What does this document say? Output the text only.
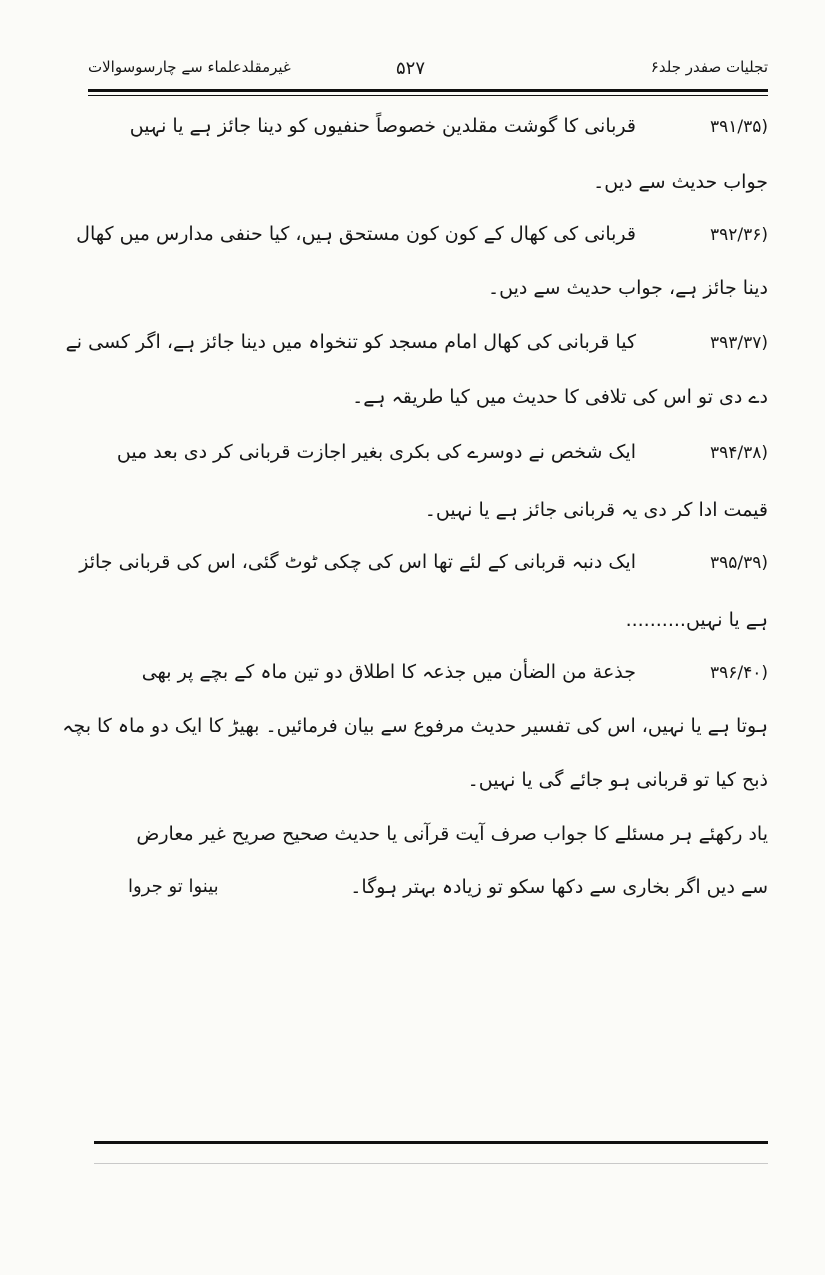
تجلیات صفدر جلد۶
۵۲۷
غیرمقلدعلماء سے چارسوسوالات
(۳۹۱/۳۵قربانی کا گوشت مقلدین خصوصاً حنفیوں کو دینا جائز ہے یا نہیں
جواب حدیث سے دیں۔
(۳۹۲/۳۶قربانی کی کھال کے کون کون مستحق ہیں، کیا حنفی مدارس میں کھال
دینا جائز ہے، جواب حدیث سے دیں۔
(۳۹۳/۳۷کیا قربانی کی کھال امام مسجد کو تنخواہ میں دینا جائز ہے، اگر کسی نے
دے دی تو اس کی تلافی کا حدیث میں کیا طریقہ ہے۔
(۳۹۴/۳۸ایک شخص نے دوسرے کی بکری بغیر اجازت قربانی کر دی بعد میں
قیمت ادا کر دی یہ قربانی جائز ہے یا نہیں۔
(۳۹۵/۳۹ایک دنبہ قربانی کے لئے تھا اس کی چکی ٹوٹ گئی، اس کی قربانی جائز
ہے یا نہیں..........
(۳۹۶/۴۰جذعة من الضأن میں جذعہ کا اطلاق دو تین ماہ کے بچے پر بھی
ہوتا ہے یا نہیں، اس کی تفسیر حدیث مرفوع سے بیان فرمائیں۔ بھیڑ کا ایک دو ماہ کا بچہ
ذبح کیا تو قربانی ہو جائے گی یا نہیں۔
یاد رکھئے ہر مسئلے کا جواب صرف آیت قرآنی یا حدیث صحیح صریح غیر معارض
سے دیں اگر بخاری سے دکھا سکو تو زیادہ بہتر ہوگا۔
بینوا تو جروا
